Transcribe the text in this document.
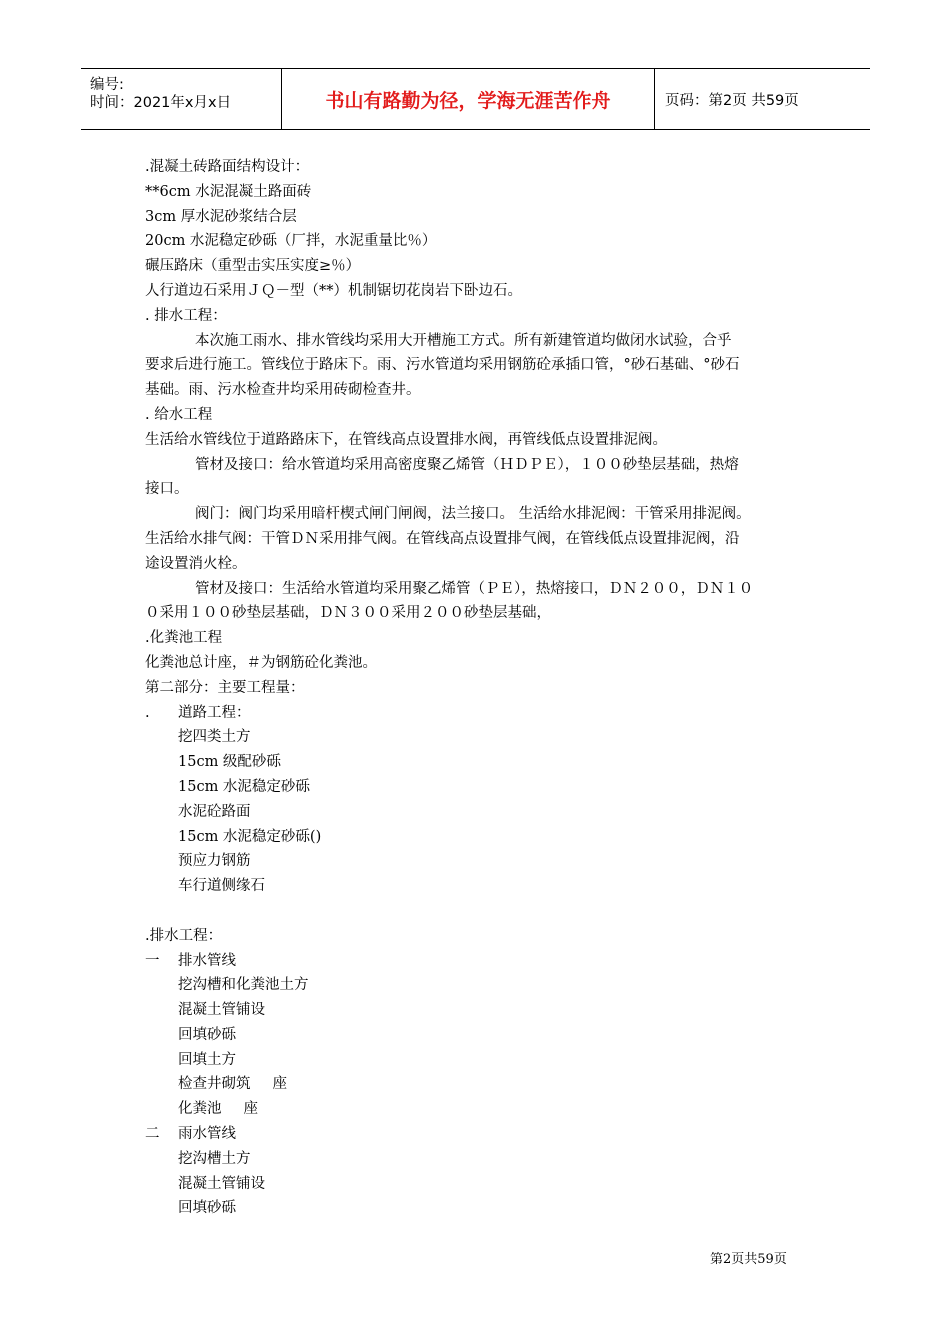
编号:
时间：2021年x月x日	书山有路勤为径，学海无涯苦作舟	页码：第2页 共59页
.混凝土砖路面结构设计：
**6cm 水泥混凝土路面砖
3cm 厚水泥砂浆结合层
20cm 水泥稳定砂砾（厂拌，水泥重量比％）
碾压路床（重型击实压实度≥％）
人行道边石采用ＪＱ－型（**）机制锯切花岗岩下卧边石。
. 排水工程：
本次施工雨水、排水管线均采用大开槽施工方式。所有新建管道均做闭水试验，合乎
要求后进行施工。管线位于路床下。雨、污水管道均采用钢筋砼承插口管，°砂石基础、°砂石
基础。雨、污水检查井均采用砖砌检查井。
. 给水工程
生活给水管线位于道路路床下，在管线高点设置排水阀，再管线低点设置排泥阀。
管材及接口：给水管道均采用高密度聚乙烯管（ＨＤＰＥ），１００砂垫层基础，热熔
接口。
阀门：阀门均采用暗杆楔式闸门闸阀，法兰接口。 生活给水排泥阀：干管采用排泥阀。
生活给水排气阀：干管ＤＮ采用排气阀。在管线高点设置排气阀，在管线低点设置排泥阀，沿
途设置消火栓。
管材及接口：生活给水管道均采用聚乙烯管（ＰＥ），热熔接口，ＤＮ２００，ＤＮ１０
０采用１００砂垫层基础，ＤＮ３００采用２００砂垫层基础，
.化粪池工程
化粪池总计座，＃为钢筋砼化粪池。
第二部分：主要工程量：
. 道路工程：
挖四类土方
15cm 级配砂砾
15cm 水泥稳定砂砾
水泥砼路面
15cm 水泥稳定砂砾()
预应力钢筋
车行道侧缘石
.排水工程：
一 排水管线
挖沟槽和化粪池土方
混凝土管铺设
回填砂砾
回填土方
检查井砌筑 座
化粪池 座
二 雨水管线
挖沟槽土方
混凝土管铺设
回填砂砾
第2页共59页
